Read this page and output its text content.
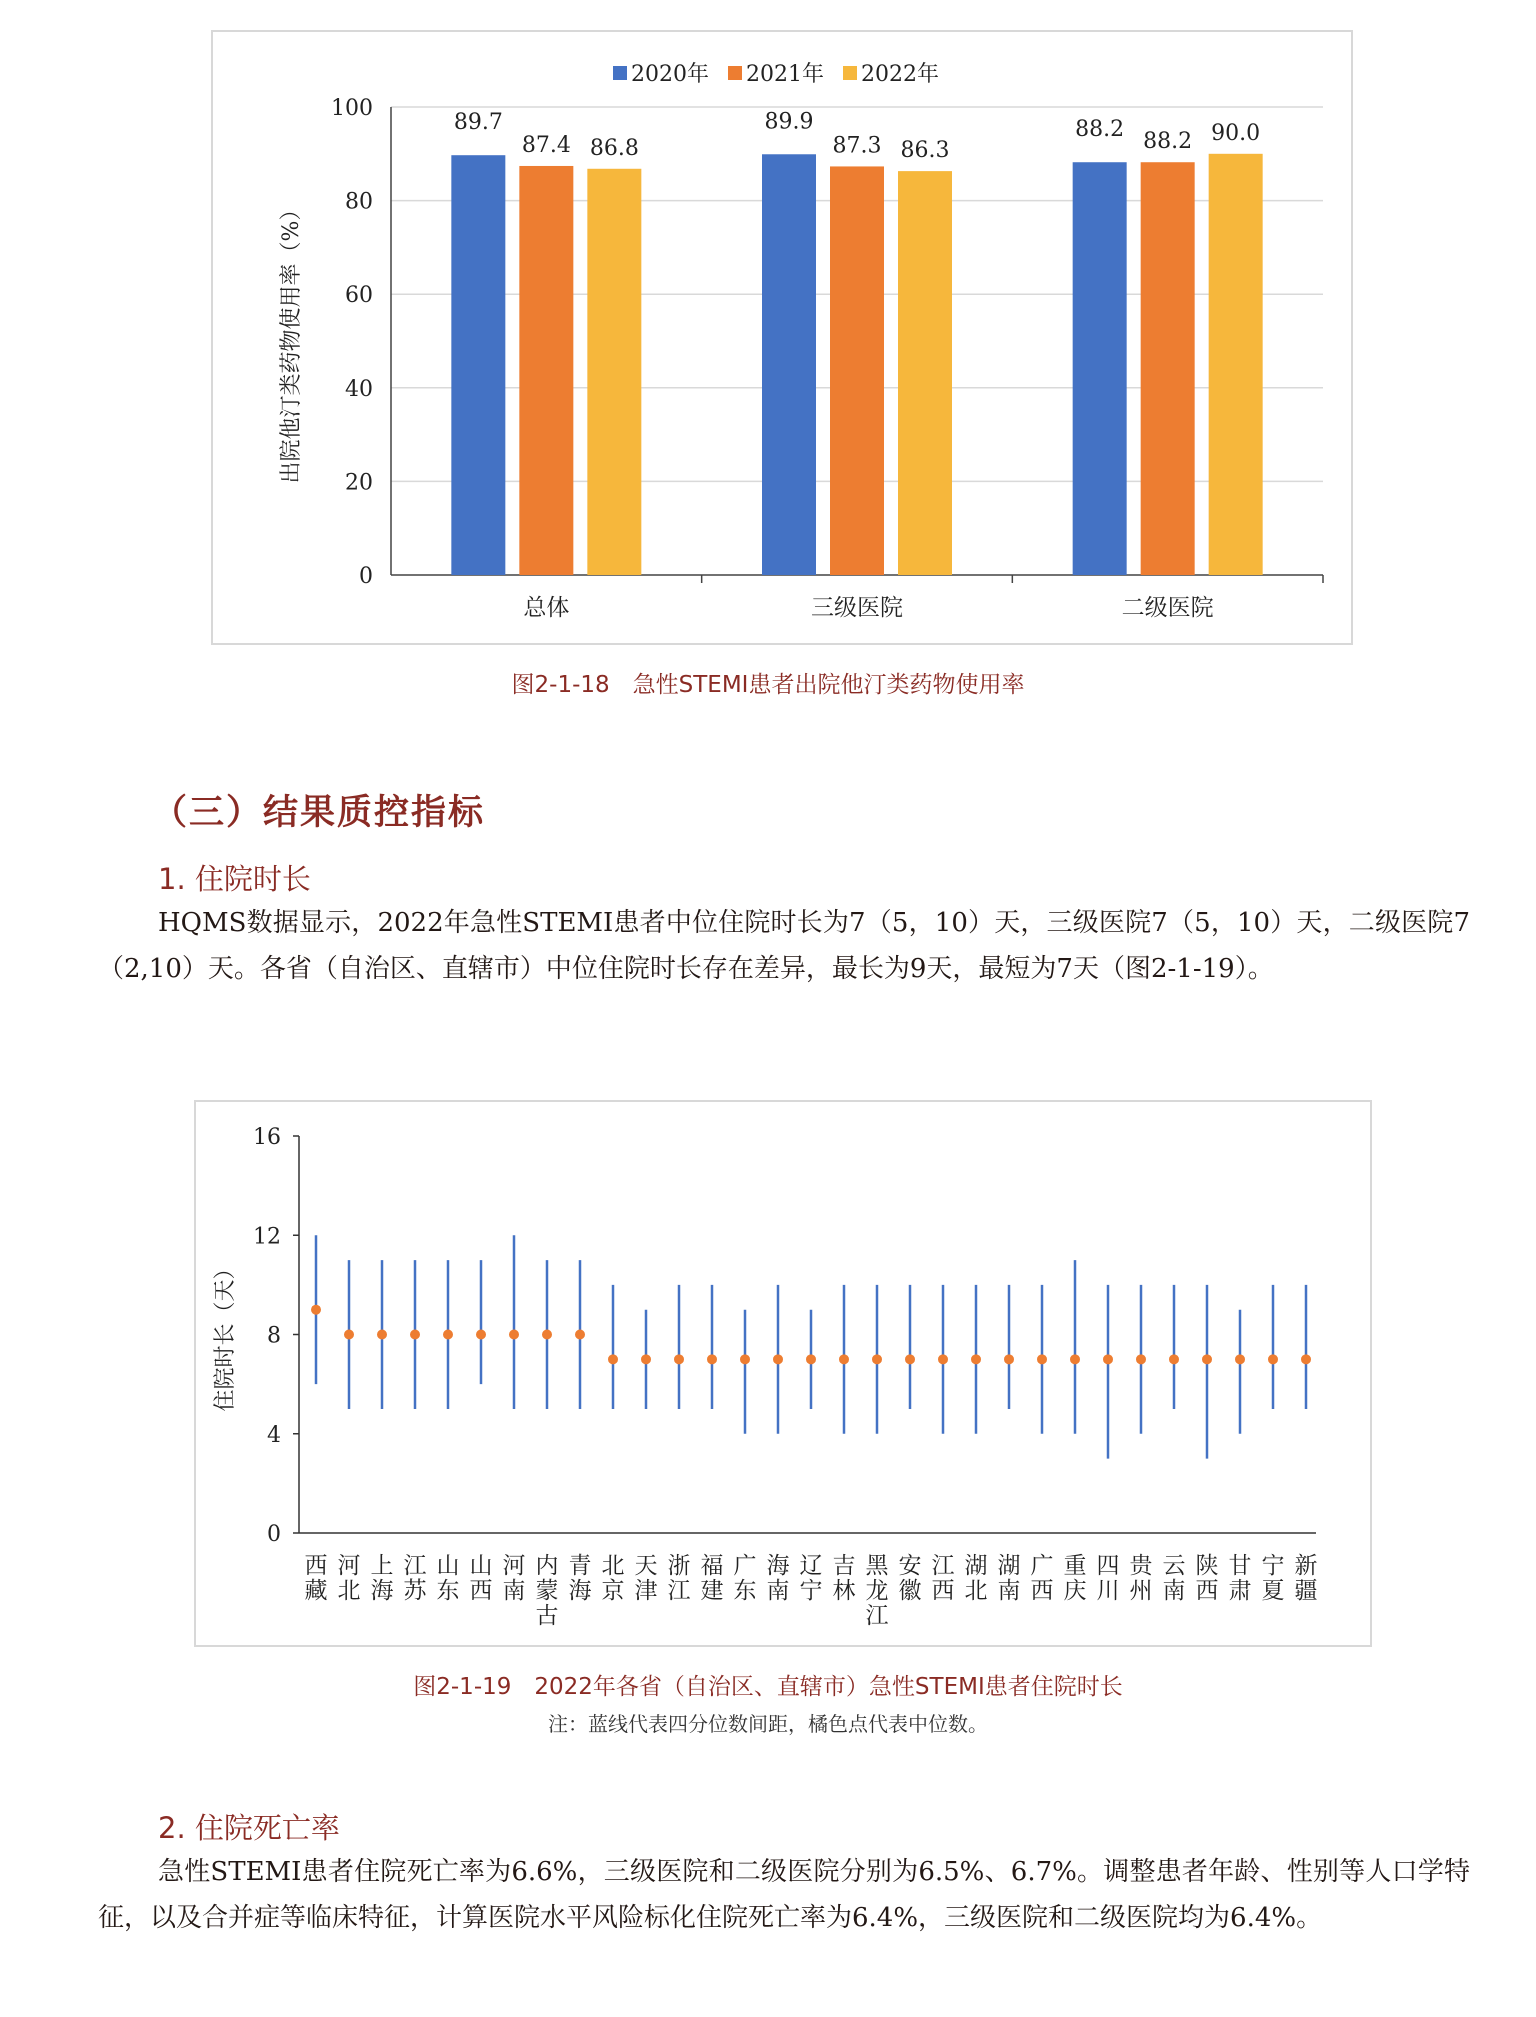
0
20
40
60
80
100
出院他汀类药物使用率（%）
总体
89.7
87.4 86.8
三级医院
89.9
87.3 86.3
二级医院
88.2 88.2 90.0
2020年 2021年 2022年
图2-1-18　急性STEMI患者出院他汀类药物使用率
（三）结果质控指标
1. 住院时长

HQMS数据显示，2022年急性STEMI患者中位住院时长为7（5，10）天，三级医院7（5，10）天，二级医院7（2,10）天。各省（自治区、直辖市）中位住院时长存在差异，最长为9天，最短为7天（图2-1-19）。

0
4
8
12
16
住院时长（天）
西藏
河北
上海
江苏
山东
山西
河南
内蒙古
青海
北京
天津
浙江
福建
广东
海南
辽宁
吉林
黑龙江
安徽
江西
湖北
湖南
广西
重庆
四川
贵州
云南
陕西
甘肃
宁夏
新疆
图2-1-19　2022年各省（自治区、直辖市）急性STEMI患者住院时长
注：蓝线代表四分位数间距，橘色点代表中位数。
2. 住院死亡率

急性STEMI患者住院死亡率为6.6%，三级医院和二级医院分别为6.5%、6.7%。调整患者年龄、性别等人口学特征，以及合并症等临床特征，计算医院水平风险标化住院死亡率为6.4%，三级医院和二级医院均为6.4%。
